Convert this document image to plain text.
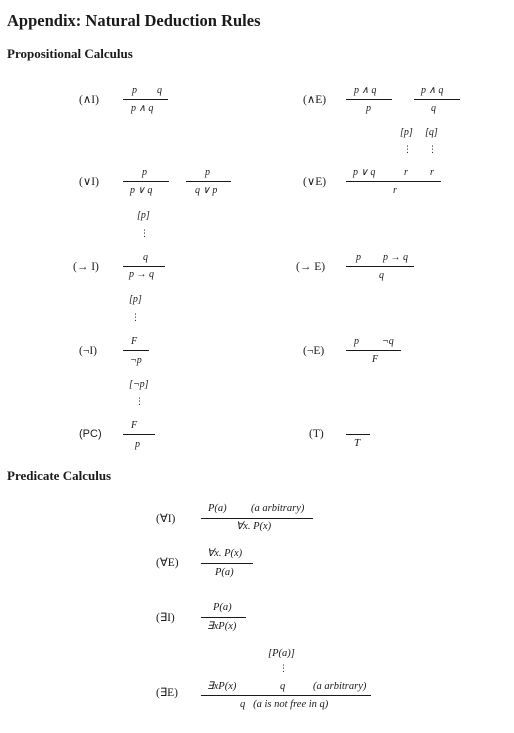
Appendix: Natural Deduction Rules
Propositional Calculus
Predicate Calculus
(∧I)
p q
p ∧ q
(∧E)
p ∧ q
p
p ∧ q
q
(∨I)
p
p ∨ q
p
q ∨ p
(∨E)
[p] [q]
⋮ ⋮
p ∨ q	r r
r
(→ I)
[p]
⋮
q
p → q
(→ E)
p p → q
q
(¬I)
[p]
⋮
F
¬p
(¬E)
p ¬q
F
(PC)
[¬p]
⋮
F
p
(T)
T
(∀I)
P(a) (a arbitrary)
∀x. P(x)
(∀E)
∀x. P(x)
P(a)
(∃I)
P(a)
∃xP(x)
(∃E)
[P(a)]
⋮
∃xP(x)	q	(a arbitrary)
q   (a is not free in q)
